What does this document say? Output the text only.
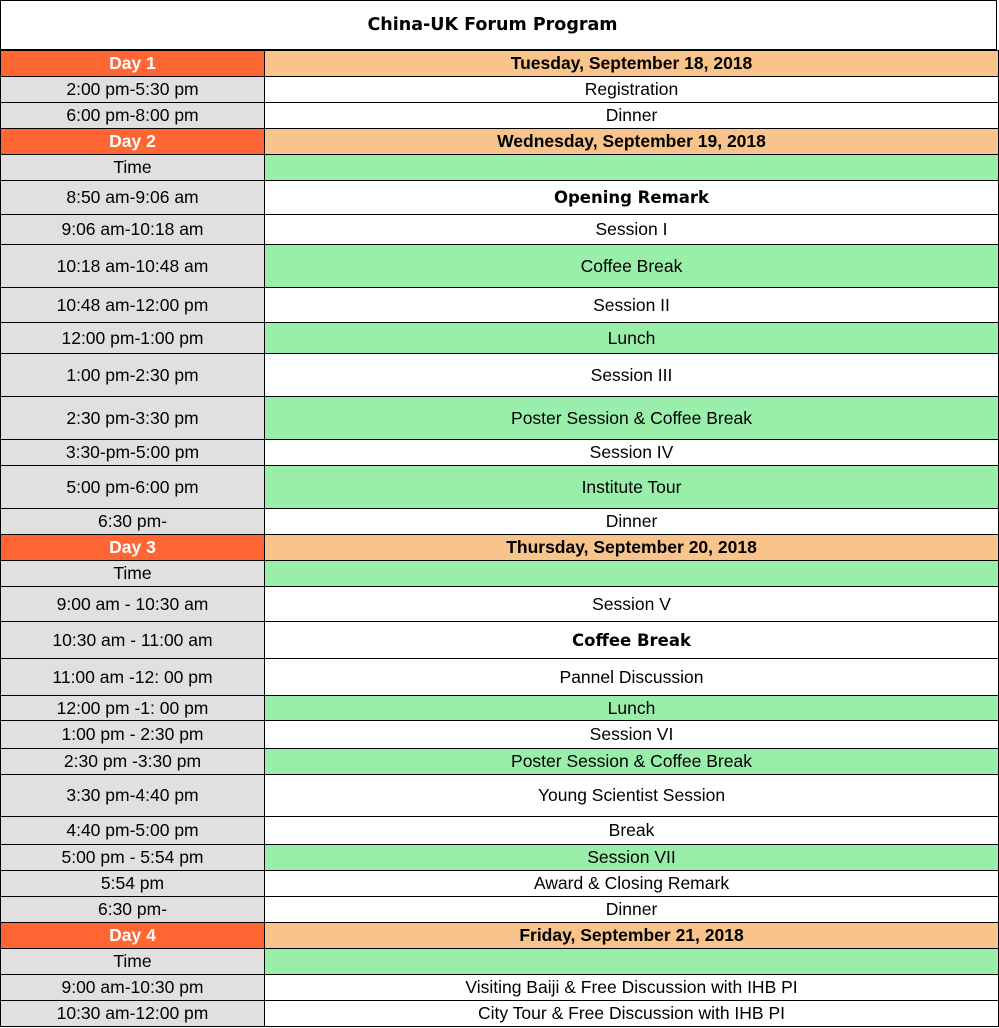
China-UK Forum Program
Day 1	Tuesday, September 18, 2018
2:00 pm-5:30 pm	Registration
6:00 pm-8:00 pm	Dinner
Day 2	Wednesday, September 19, 2018
Time	
8:50 am-9:06 am	Opening Remark
9:06 am-10:18 am	Session I
10:18 am-10:48 am	Coffee Break
10:48 am-12:00 pm	Session II
12:00 pm-1:00 pm	Lunch
1:00 pm-2:30 pm	Session III
2:30 pm-3:30 pm	Poster Session & Coffee Break
3:30-pm-5:00 pm	Session IV
5:00 pm-6:00 pm	Institute Tour
6:30 pm-	Dinner
Day 3	Thursday, September 20, 2018
Time	
9:00 am - 10:30 am	Session V
10:30 am - 11:00 am	Coffee Break
11:00 am -12: 00 pm	Pannel Discussion
12:00 pm -1: 00 pm	Lunch
1:00 pm - 2:30 pm	Session VI
2:30 pm -3:30 pm	Poster Session & Coffee Break
3:30 pm-4:40 pm	Young Scientist Session
4:40 pm-5:00 pm	Break
5:00 pm - 5:54 pm	Session VII
5:54 pm	Award & Closing Remark
6:30 pm-	Dinner
Day 4	Friday, September 21, 2018
Time	
9:00 am-10:30 pm	Visiting Baiji & Free Discussion with IHB PI
10:30 am-12:00 pm	City Tour & Free Discussion with IHB PI
